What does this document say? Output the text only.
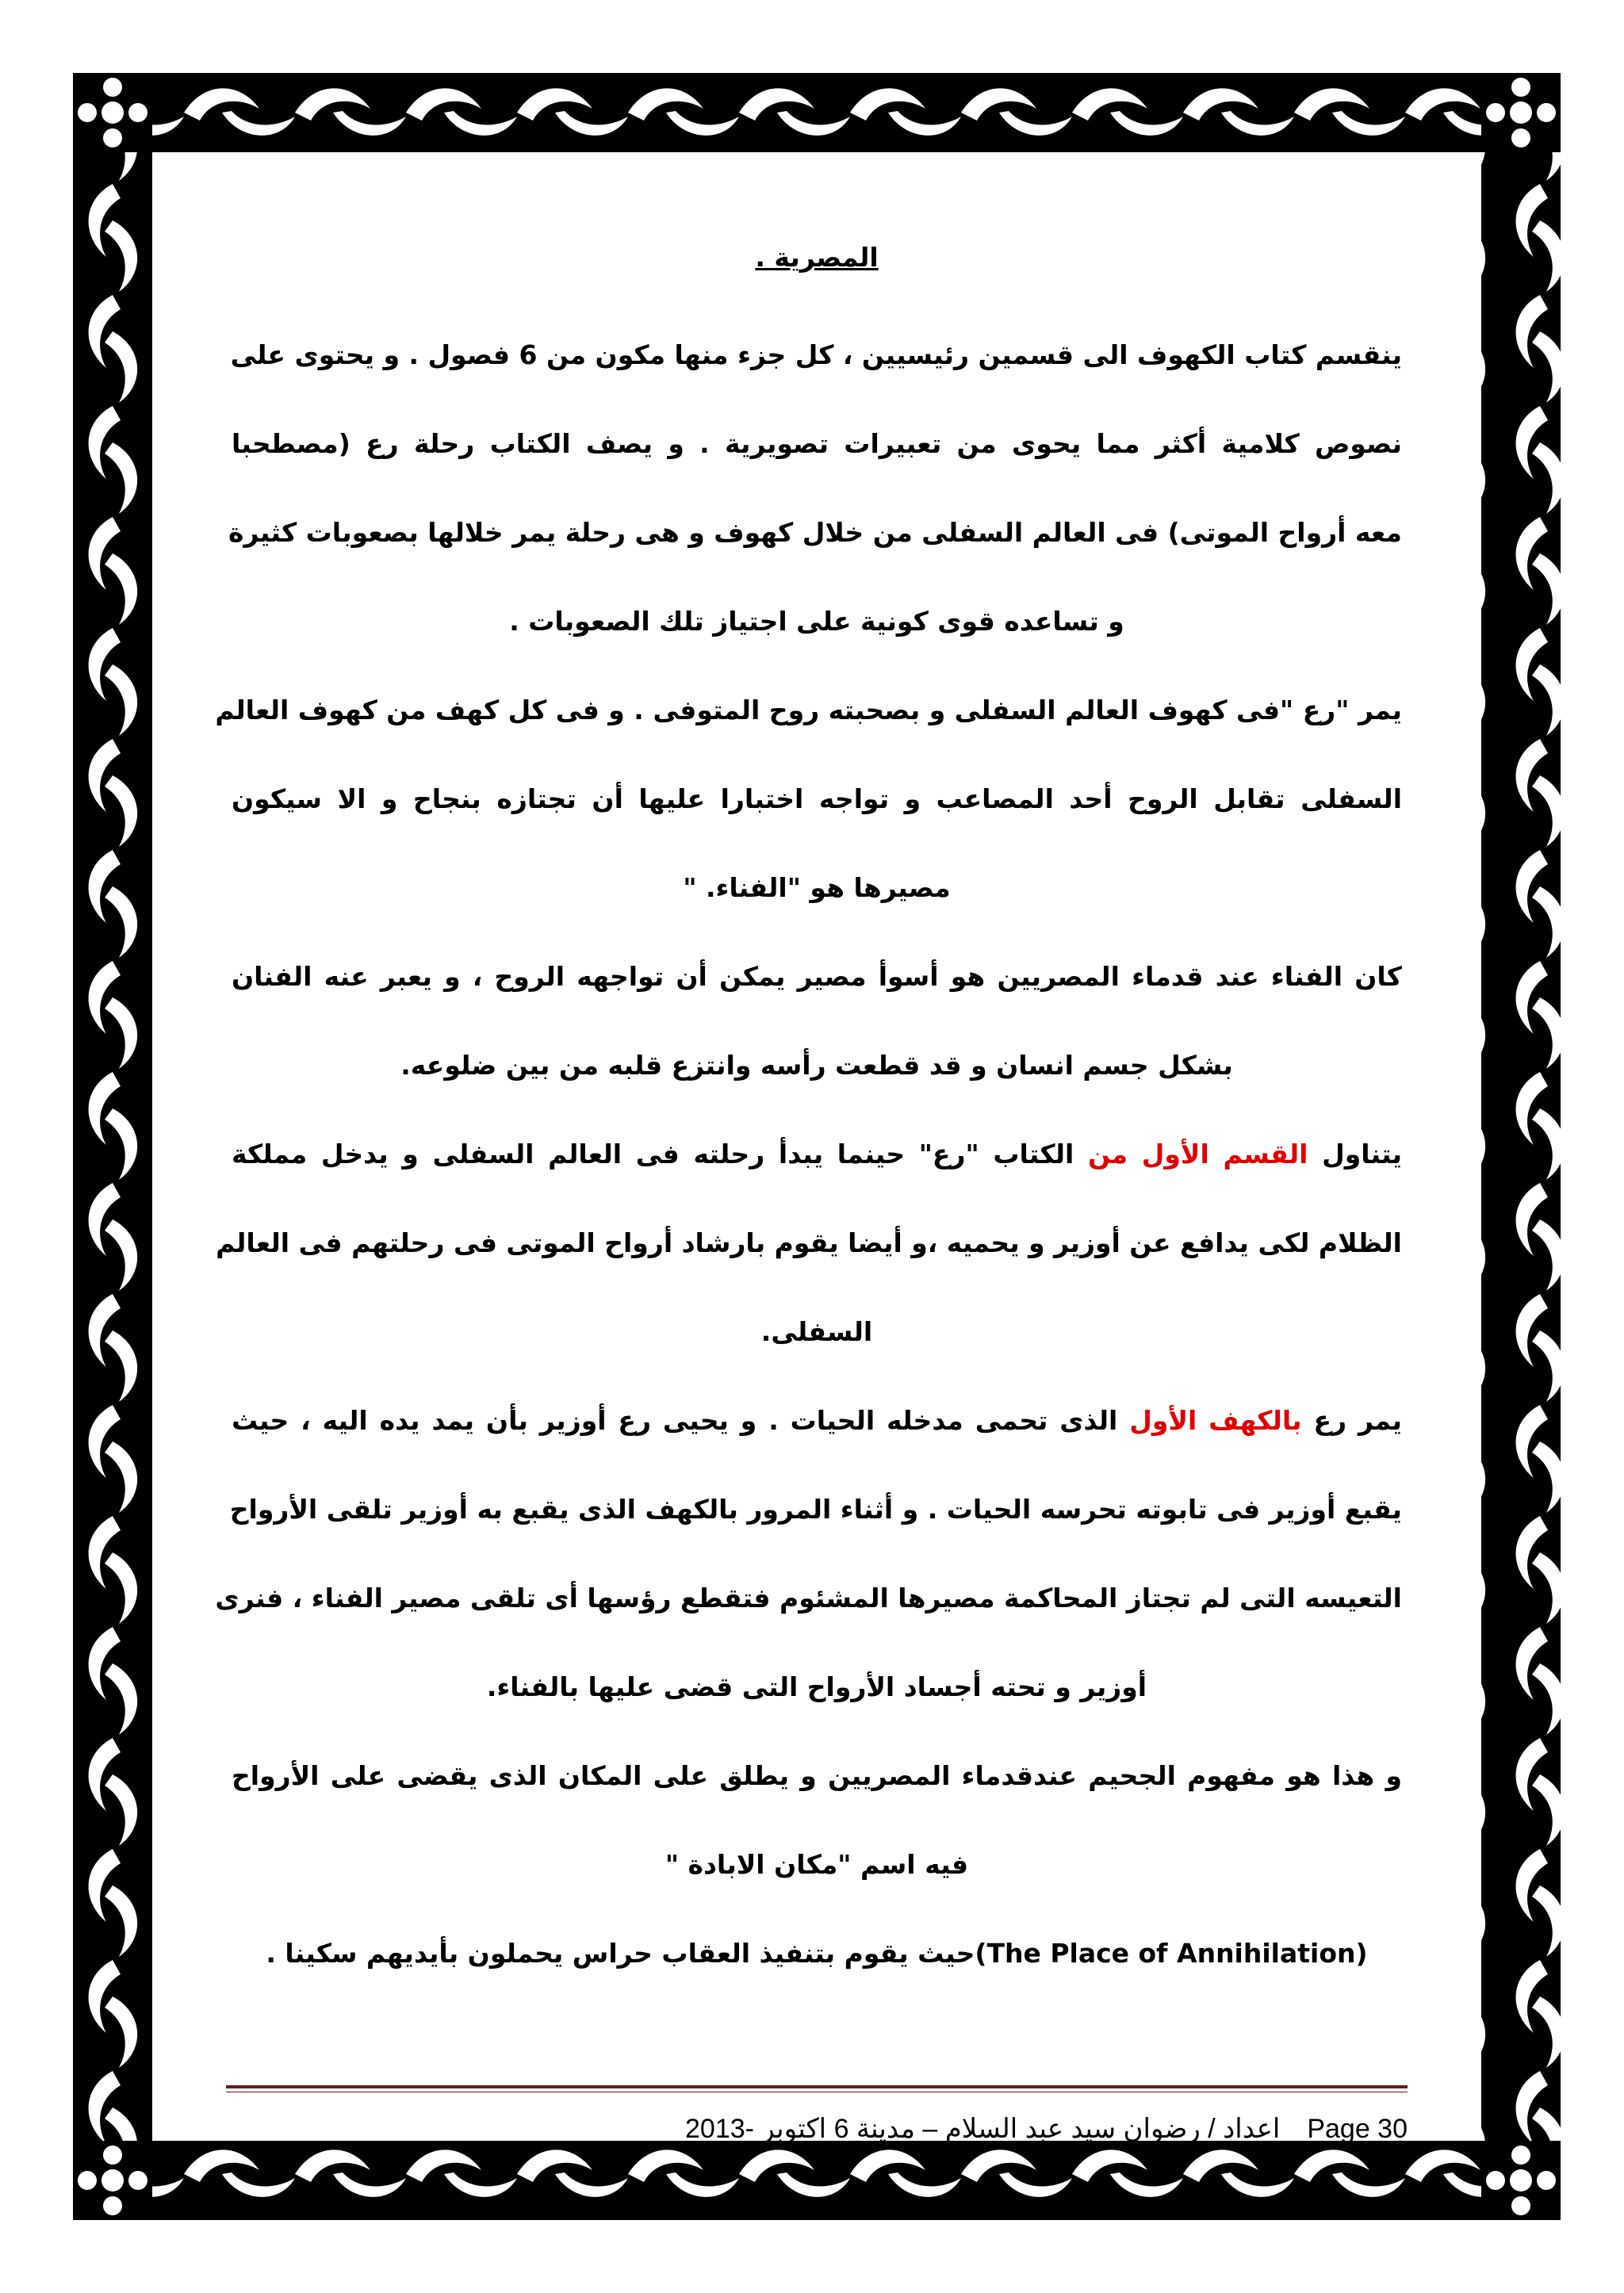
المصرية .
ينقسم كتاب الكهوف الى قسمين رئيسيين ، كل جزء منها مكون من 6 فصول . و يحتوى على
نصوص كلامية أكثر مما يحوى من تعبيرات تصويرية . و يصف الكتاب رحلة رع (مصطحبا
معه أرواح الموتى) فى العالم السفلى من خلال كهوف و هى رحلة يمر خلالها بصعوبات كثيرة
و تساعده قوى كونية على اجتياز تلك الصعوبات .
يمر "رع "فى كهوف العالم السفلى و بصحبته روح المتوفى . و فى كل كهف من كهوف العالم
السفلى تقابل الروح أحد المصاعب و تواجه اختبارا عليها أن تجتازه بنجاح و الا سيكون
مصيرها هو "الفناء. "
كان الفناء عند قدماء المصريين هو أسوأ مصير يمكن أن تواجهه الروح ، و يعبر عنه الفنان
بشكل جسم انسان و قد قطعت رأسه وانتزع قلبه من بين ضلوعه.
يتناول القسم الأول من الكتاب "رع" حينما يبدأ رحلته فى العالم السفلى و يدخل مملكة
الظلام لكى يدافع عن أوزير و يحميه ،و أيضا يقوم بارشاد أرواح الموتى فى رحلتهم فى العالم
السفلى.
يمر رع بالكهف الأول الذى تحمى مدخله الحيات . و يحيى رع أوزير بأن يمد يده اليه ، حيث
يقبع أوزير فى تابوته تحرسه الحيات . و أثناء المرور بالكهف الذى يقبع به أوزير تلقى الأرواح
التعيسه التى لم تجتاز المحاكمة مصيرها المشئوم فتقطع رؤسها أى تلقى مصير الفناء ، فنرى
أوزير و تحته أجساد الأرواح التى قضى عليها بالفناء.
و هذا هو مفهوم الجحيم عندقدماء المصريين و يطلق على المكان الذى يقضى على الأرواح
فيه اسم "مكان الابادة "
(The Place of Annihilation)حيث يقوم بتنفيذ العقاب حراس يحملون بأيديهم سكينا .
اعداد / رضوان سيد عبد السلام – مدينة 6 اكتوبر -2013 Page 30
